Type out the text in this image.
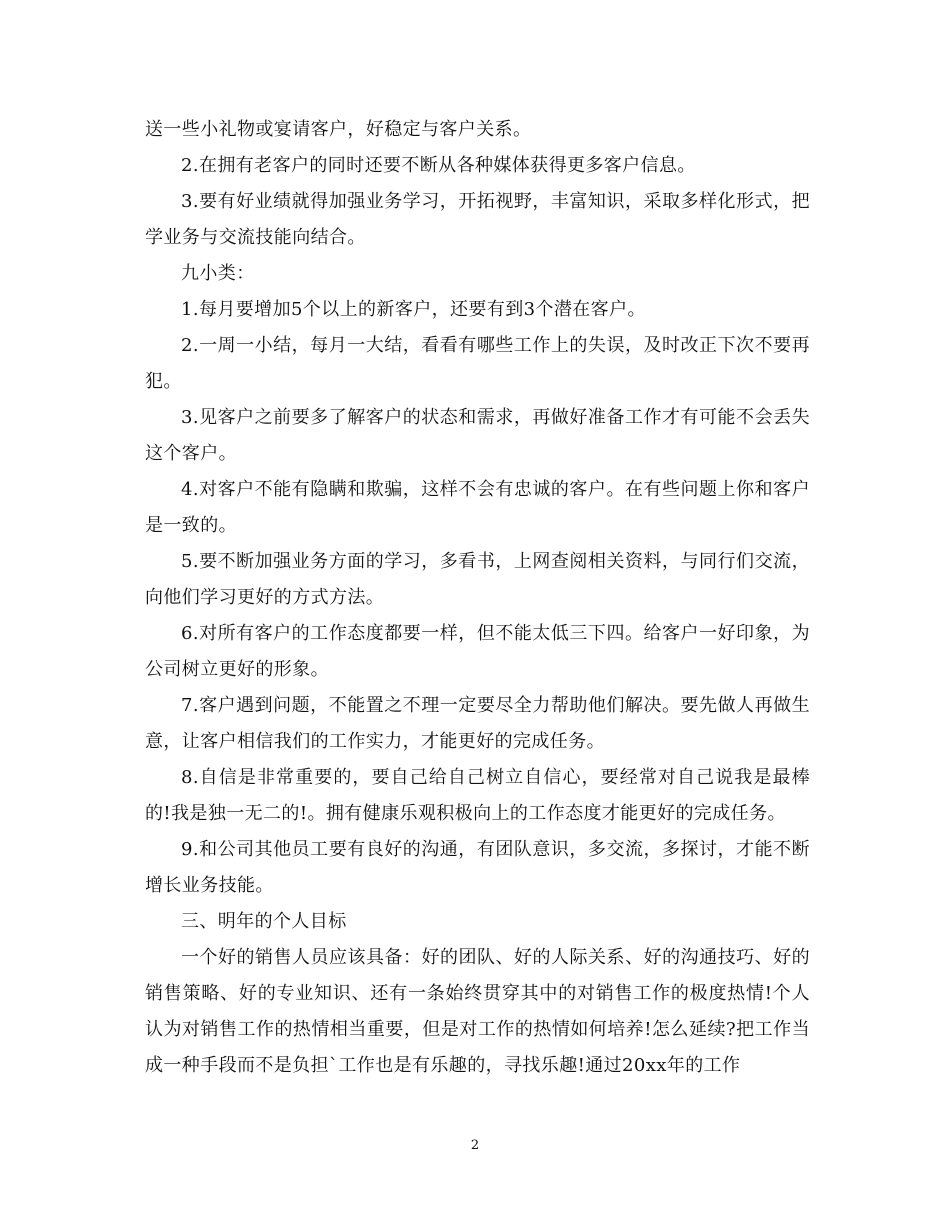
送一些小礼物或宴请客户，好稳定与客户关系。

2.在拥有老客户的同时还要不断从各种媒体获得更多客户信息。

3.要有好业绩就得加强业务学习，开拓视野，丰富知识，采取多样化形式，把学业务与交流技能向结合。

九小类：

1.每月要增加5个以上的新客户，还要有到3个潜在客户。

2.一周一小结，每月一大结，看看有哪些工作上的失误，及时改正下次不要再犯。

3.见客户之前要多了解客户的状态和需求，再做好准备工作才有可能不会丢失这个客户。

4.对客户不能有隐瞒和欺骗，这样不会有忠诚的客户。在有些问题上你和客户是一致的。

5.要不断加强业务方面的学习，多看书，上网查阅相关资料，与同行们交流，向他们学习更好的方式方法。

6.对所有客户的工作态度都要一样，但不能太低三下四。给客户一好印象，为公司树立更好的形象。

7.客户遇到问题，不能置之不理一定要尽全力帮助他们解决。要先做人再做生意，让客户相信我们的工作实力，才能更好的完成任务。

8.自信是非常重要的，要自己给自己树立自信心，要经常对自己说我是最棒的!我是独一无二的!。拥有健康乐观积极向上的工作态度才能更好的完成任务。

9.和公司其他员工要有良好的沟通，有团队意识，多交流，多探讨，才能不断增长业务技能。

三、明年的个人目标

一个好的销售人员应该具备：好的团队、好的人际关系、好的沟通技巧、好的销售策略、好的专业知识、还有一条始终贯穿其中的对销售工作的极度热情!个人认为对销售工作的热情相当重要，但是对工作的热情如何培养!怎么延续?把工作当成一种手段而不是负担`工作也是有乐趣的，寻找乐趣!通过20xx年的工作

2
